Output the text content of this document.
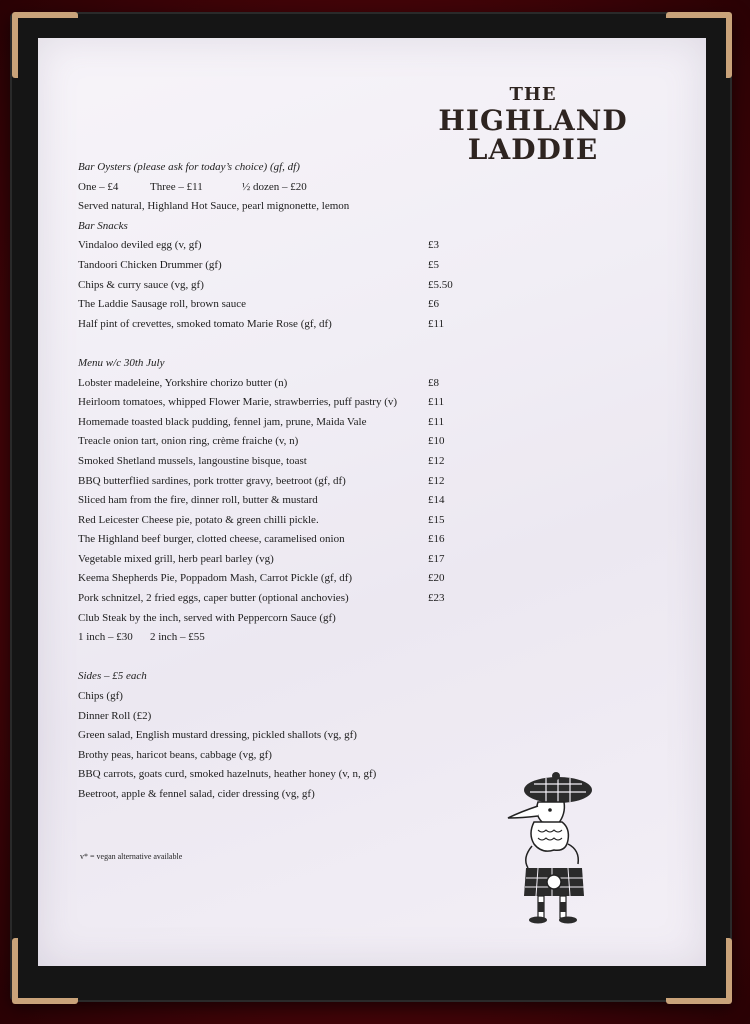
THE
HIGHLAND
LADDIE
Bar Oysters (please ask for today’s choice) (gf, df)
One – £4	Three – £11	½ dozen – £20
Served natural, Highland Hot Sauce, pearl mignonette, lemon
Bar Snacks
Vindaloo deviled egg (v, gf)	£3
Tandoori Chicken Drummer (gf)	£5
Chips & curry sauce (vg, gf)	£5.50
The Laddie Sausage roll, brown sauce	£6
Half pint of crevettes, smoked tomato Marie Rose (gf, df)	£11
Menu w/c 30th July
Lobster madeleine, Yorkshire chorizo butter (n)	£8
Heirloom tomatoes, whipped Flower Marie, strawberries, puff pastry (v)	£11
Homemade toasted black pudding, fennel jam, prune, Maida Vale	£11
Treacle onion tart, onion ring, crème fraiche (v, n)	£10
Smoked Shetland mussels, langoustine bisque, toast	£12
BBQ butterflied sardines, pork trotter gravy, beetroot (gf, df)	£12
Sliced ham from the fire, dinner roll, butter & mustard	£14
Red Leicester Cheese pie, potato & green chilli pickle.	£15
The Highland beef burger, clotted cheese, caramelised onion	£16
Vegetable mixed grill, herb pearl barley (vg)	£17
Keema Shepherds Pie, Poppadom Mash, Carrot Pickle (gf, df)	£20
Pork schnitzel, 2 fried eggs, caper butter (optional anchovies)	£23
Club Steak by the inch, served with Peppercorn Sauce (gf)
1 inch – £30 2 inch – £55
Sides – £5 each
Chips (gf)
Dinner Roll (£2)
Green salad, English mustard dressing, pickled shallots (vg, gf)
Brothy peas, haricot beans, cabbage (vg, gf)
BBQ carrots, goats curd, smoked hazelnuts, heather honey (v, n, gf)
Beetroot, apple & fennel salad, cider dressing (vg, gf)
v* = vegan alternative available
